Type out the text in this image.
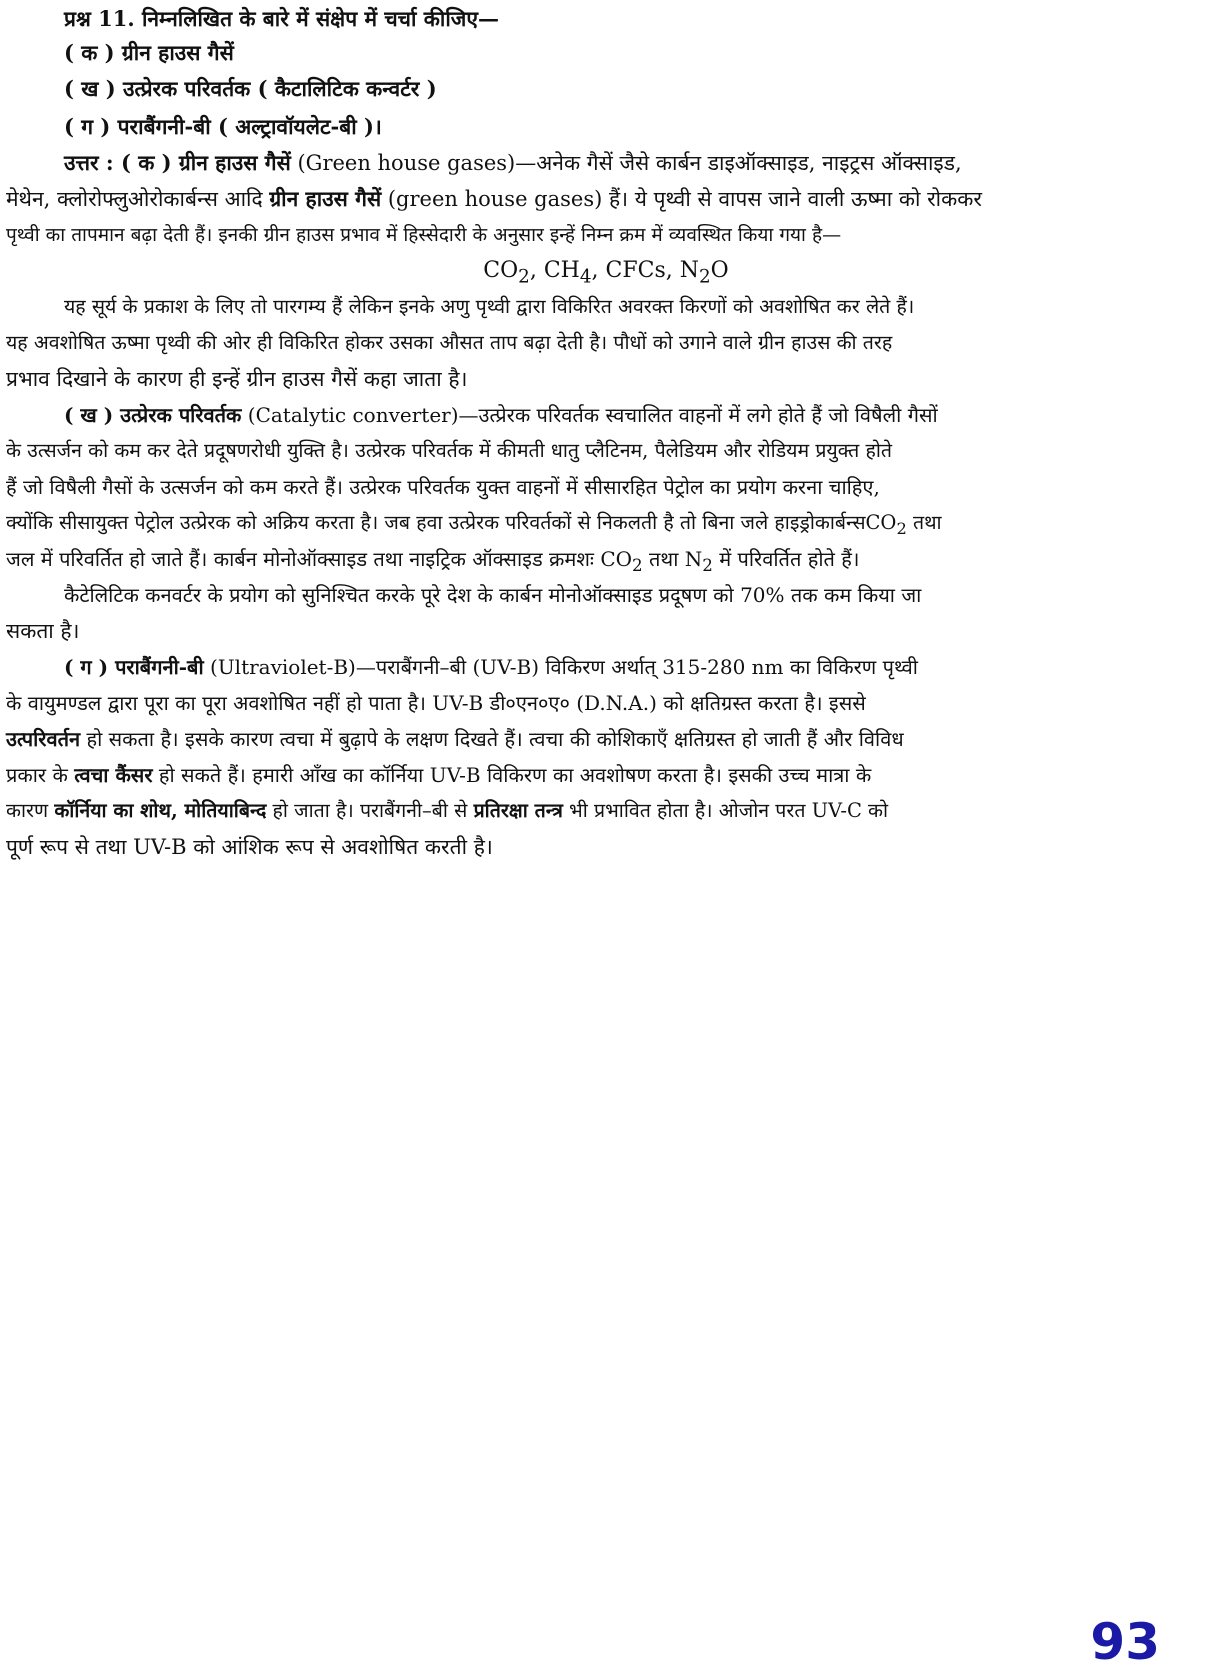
प्रश्न 11. निम्नलिखित के बारे में संक्षेप में चर्चा कीजिए—
( क ) ग्रीन हाउस गैसें
( ख ) उत्प्रेरक परिवर्तक ( कैटालिटिक कन्वर्टर )
( ग ) पराबैंगनी-बी ( अल्ट्रावॉयलेट-बी )।
उत्तर : ( क ) ग्रीन हाउस गैसें (Green house gases)—अनेक गैसें जैसे कार्बन डाइऑक्साइड, नाइट्रस ऑक्साइड,
मेथेन, क्लोरोफ्लुओरोकार्बन्स आदि ग्रीन हाउस गैसें (green house gases) हैं। ये पृथ्वी से वापस जाने वाली ऊष्मा को रोककर
पृथ्वी का तापमान बढ़ा देती हैं। इनकी ग्रीन हाउस प्रभाव में हिस्सेदारी के अनुसार इन्हें निम्न क्रम में व्यवस्थित किया गया है—
$CO_2$, $CH_4$, CFCs, $N_2O$
यह सूर्य के प्रकाश के लिए तो पारगम्य हैं लेकिन इनके अणु पृथ्वी द्वारा विकिरित अवरक्त किरणों को अवशोषित कर लेते हैं।
यह अवशोषित ऊष्मा पृथ्वी की ओर ही विकिरित होकर उसका औसत ताप बढ़ा देती है। पौधों को उगाने वाले ग्रीन हाउस की तरह
प्रभाव दिखाने के कारण ही इन्हें ग्रीन हाउस गैसें कहा जाता है।
( ख ) उत्प्रेरक परिवर्तक (Catalytic converter)—उत्प्रेरक परिवर्तक स्वचालित वाहनों में लगे होते हैं जो विषैली गैसों
के उत्सर्जन को कम कर देते प्रदूषणरोधी युक्ति है। उत्प्रेरक परिवर्तक में कीमती धातु प्लैटिनम, पैलेडियम और रोडियम प्रयुक्त होते
हैं जो विषैली गैसों के उत्सर्जन को कम करते हैं। उत्प्रेरक परिवर्तक युक्त वाहनों में सीसारहित पेट्रोल का प्रयोग करना चाहिए,
क्योंकि सीसायुक्त पेट्रोल उत्प्रेरक को अक्रिय करता है। जब हवा उत्प्रेरक परिवर्तकों से निकलती है तो बिना जले हाइड्रोकार्बन्सCO$_2$ तथा
जल में परिवर्तित हो जाते हैं। कार्बन मोनोऑक्साइड तथा नाइट्रिक ऑक्साइड क्रमशः $CO_2$ तथा $N_2$ में परिवर्तित होते हैं।
कैटेलिटिक कनवर्टर के प्रयोग को सुनिश्चित करके पूरे देश के कार्बन मोनोऑक्साइड प्रदूषण को 70% तक कम किया जा
सकता है।
( ग ) पराबैंगनी-बी (Ultraviolet-B)—पराबैंगनी–बी (UV-B) विकिरण अर्थात् 315-280 nm का विकिरण पृथ्वी
के वायुमण्डल द्वारा पूरा का पूरा अवशोषित नहीं हो पाता है। UV-B डी०एन०ए० (D.N.A.) को क्षतिग्रस्त करता है। इससे
उत्परिवर्तन हो सकता है। इसके कारण त्वचा में बुढ़ापे के लक्षण दिखते हैं। त्वचा की कोशिकाएँ क्षतिग्रस्त हो जाती हैं और विविध
प्रकार के त्वचा कैंसर हो सकते हैं। हमारी आँख का कॉर्निया UV-B विकिरण का अवशोषण करता है। इसकी उच्च मात्रा के
कारण कॉर्निया का शोथ, मोतियाबिन्द हो जाता है। पराबैंगनी–बी से प्रतिरक्षा तन्त्र भी प्रभावित होता है। ओजोन परत UV-C को
पूर्ण रूप से तथा UV-B को आंशिक रूप से अवशोषित करती है।
93
